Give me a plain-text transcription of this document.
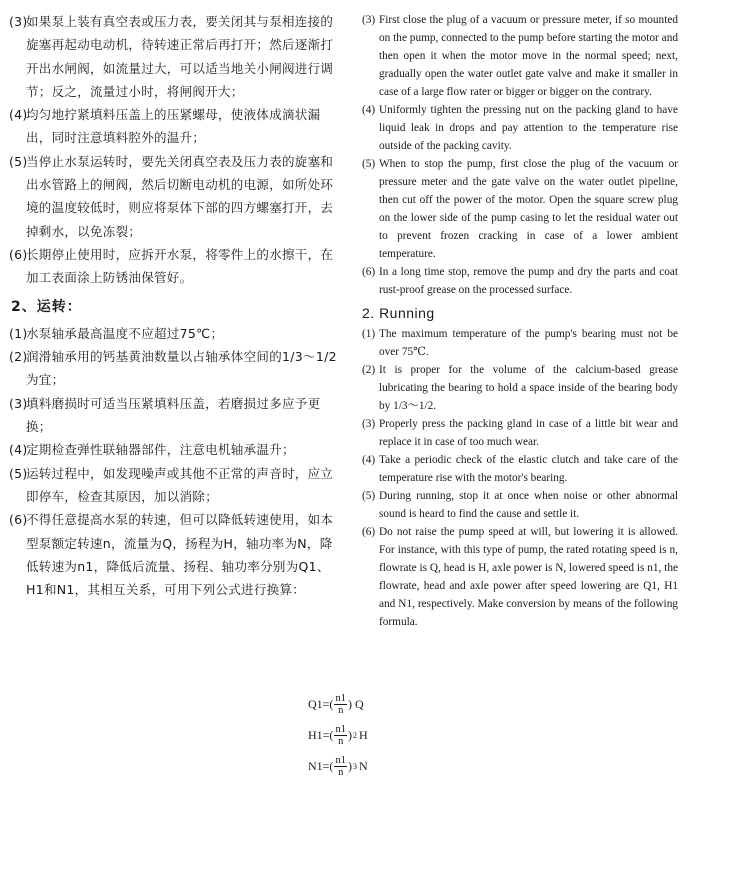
(3)
如果泵上装有真空表或压力表，要关闭其与泵相连接的旋塞再起动电动机，待转速正常后再打开；然后逐渐打开出水闸阀，如流量过大，可以适当地关小闸阀进行调节；反之，流量过小时，将闸阀开大；
(4)
均匀地拧紧填料压盖上的压紧螺母，使液体成滴状漏出，同时注意填料腔外的温升；
(5)
当停止水泵运转时，要先关闭真空表及压力表的旋塞和出水管路上的闸阀，然后切断电动机的电源，如所处环境的温度较低时，则应将泵体下部的四方螺塞打开，去掉剩水，以免冻裂；
(6)
长期停止使用时，应拆开水泵，将零件上的水擦干，在加工表面涂上防锈油保管好。
2、运转：
(1)
水泵轴承最高温度不应超过75℃；
(2)
润滑轴承用的钙基黄油数量以占轴承体空间的1/3～1/2为宜；
(3)
填料磨损时可适当压紧填料压盖，若磨损过多应予更换；
(4)
定期检查弹性联轴器部件，注意电机轴承温升；
(5)
运转过程中，如发现噪声或其他不正常的声音时，应立即停车，检查其原因，加以消除；
(6)
不得任意提高水泵的转速，但可以降低转速使用，如本型泵额定转速n，流量为Q，扬程为H，轴功率为N，降低转速为n1，降低后流量、扬程、轴功率分别为Q1、H1和N1，其相互关系，可用下列公式进行换算：
(3) First close the plug of a vacuum or pressure meter, if so mounted on the pump, connected to the pump before starting the motor and then open it when the motor move in the normal speed; next, gradually open the water outlet gate valve and make it smaller in case of a large flow rater or bigger or bigger on the contrary.
(4) Uniformly tighten the pressing nut on the packing gland to have liquid leak in drops and pay attention to the temperature rise outside of the packing cavity.
(5) When to stop the pump, first close the plug of the vacuum or pressure meter and the gate valve on the water outlet pipeline, then cut off the power of the motor. Open the square screw plug on the lower side of the pump casing to let the residual water out to prevent frozen cracking in case of a lower ambient temperature.
(6) In a long time stop, remove the pump and dry the parts and coat rust-proof grease on the processed surface.
2. Running
(1) The maximum temperature of the pump's bearing must not be over 75℃.
(2) It is proper for the volume of the calcium-based grease lubricating the bearing to hold a space inside of the bearing body by 1/3～1/2.
(3) Properly press the packing gland in case of a little bit wear and replace it in case of too much wear.
(4) Take a periodic check of the elastic clutch and take care of the temperature rise with the motor's bearing.
(5) During running, stop it at once when noise or other abnormal sound is heard to find the cause and settle it.
(6) Do not raise the pump speed at will, but lowering it is allowed. For instance, with this type of pump, the rated rotating speed is n, flowrate is Q, head is H, axle power is N, lowered speed is n1, the flowrate, head and axle power after speed lowering are Q1, H1 and N1, respectively. Make conversion by means of the following formula.
$Q1=( \frac{n1}{n}$ ) Q
$H1=( \frac{n1}{n}$ ) 2 H
$N1=( \frac{n1}{n}$ ) 3 N
